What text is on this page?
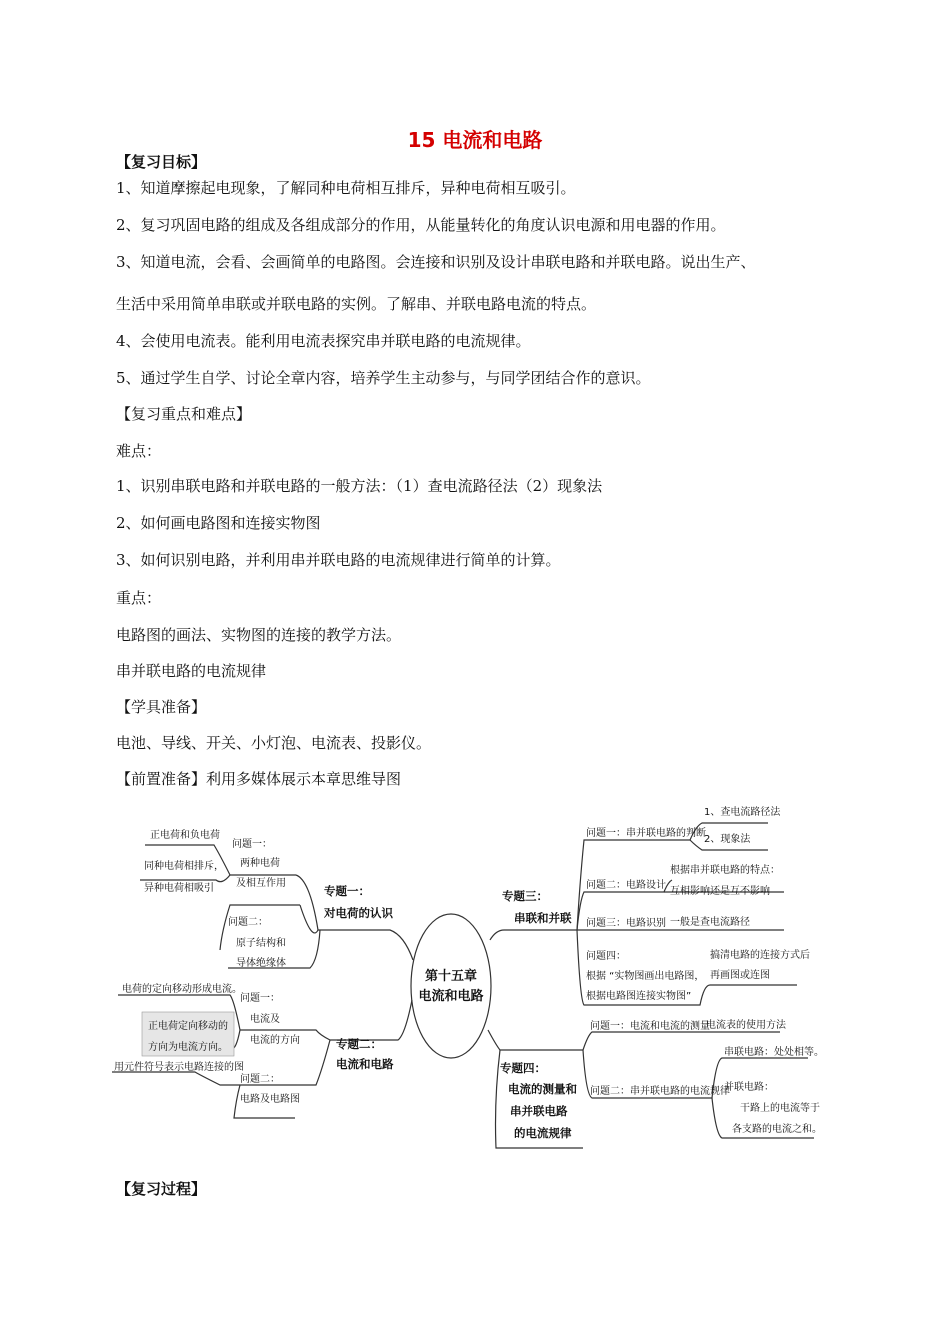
15 电流和电路
【复习目标】
1、知道摩擦起电现象，了解同种电荷相互排斥，异种电荷相互吸引。
2、复习巩固电路的组成及各组成部分的作用，从能量转化的角度认识电源和用电器的作用。
3、知道电流，会看、会画简单的电路图。会连接和识别及设计串联电路和并联电路。说出生产、
生活中采用简单串联或并联电路的实例。了解串、并联电路电流的特点。
4、会使用电流表。能利用电流表探究串并联电路的电流规律。
5、通过学生自学、讨论全章内容，培养学生主动参与，与同学团结合作的意识。
【复习重点和难点】
难点：
1、识别串联电路和并联电路的一般方法：（1）查电流路径法（2）现象法
2、如何画电路图和连接实物图
3、如何识别电路，并利用串并联电路的电流规律进行简单的计算。
重点：
电路图的画法、实物图的连接的教学方法。
串并联电路的电流规律
【学具准备】
电池、导线、开关、小灯泡、电流表、投影仪。
【前置准备】利用多媒体展示本章思维导图
第十五章
电流和电路
专题一：
对电荷的认识
问题一：
两种电荷
及相互作用
正电荷和负电荷
同种电荷相排斥，
异种电荷相吸引
问题二：
原子结构和
导体绝缘体
专题二：
电流和电路
问题一：
电流及
电流的方向
电荷的定向移动形成电流。
正电荷定向移动的
方向为电流方向。
问题二：
电路及电路图
用元件符号表示电路连接的图
专题三：
串联和并联
问题一：串并联电路的判断
1、查电流路径法
2、现象法
问题二：电路设计
根据串并联电路的特点：
互相影响还是互不影响
问题三：电路识别 一般是查电流路径
问题四：
根据 “实物图画出电路图，
根据电路图连接实物图”
搞清电路的连接方式后
再画图或连图
专题四：
电流的测量和
串并联电路
的电流规律
问题一：电流和电流的测量
电流表的使用方法
问题二：串并联电路的电流规律
串联电路：处处相等。
并联电路：
干路上的电流等于
各支路的电流之和。
【复习过程】
